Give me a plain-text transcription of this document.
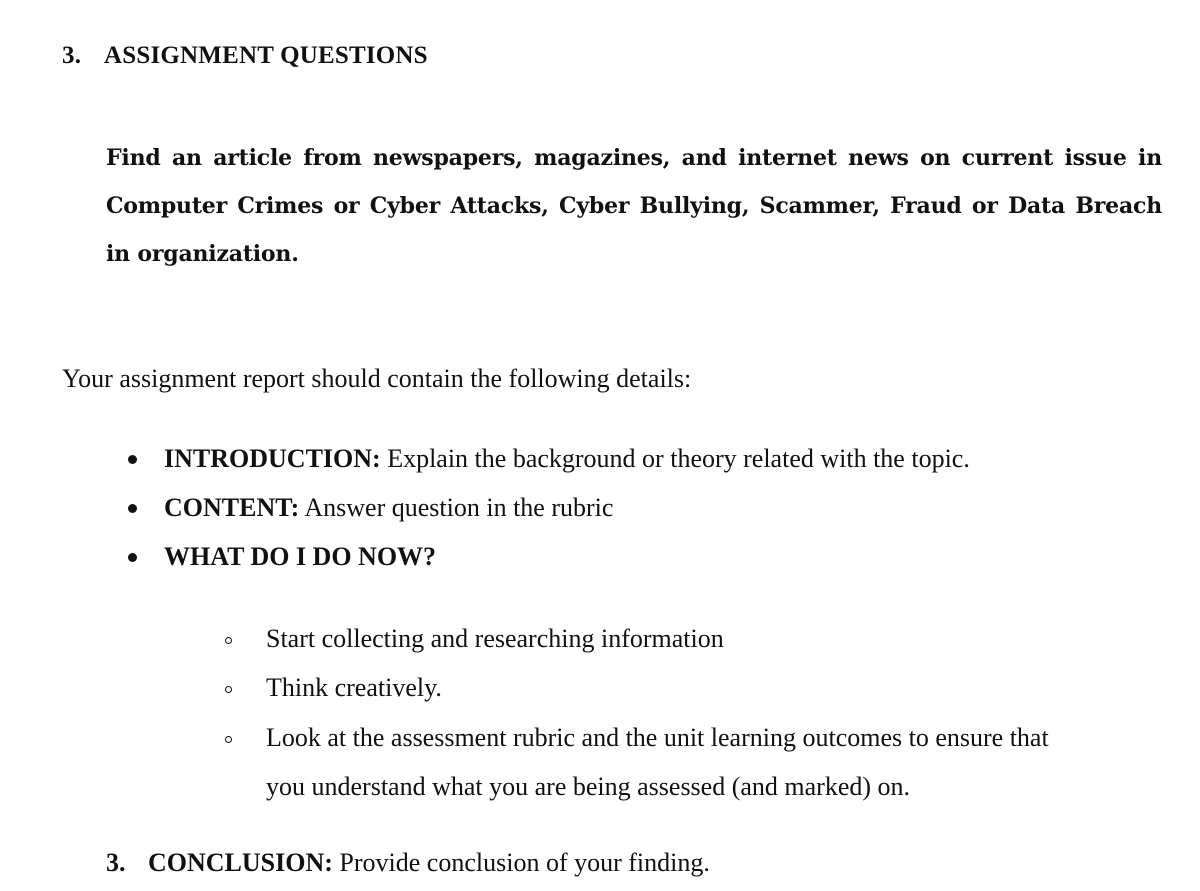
3. ASSIGNMENT QUESTIONS
Find an article from newspapers, magazines, and internet news on current issue in
Computer Crimes or Cyber Attacks, Cyber Bullying, Scammer, Fraud or Data Breach
in organization.
Your assignment report should contain the following details:
INTRODUCTION: Explain the background or theory related with the topic.
CONTENT: Answer question in the rubric
WHAT DO I DO NOW?
Start collecting and researching information
Think creatively.
Look at the assessment rubric and the unit learning outcomes to ensure that
you understand what you are being assessed (and marked) on.
3. CONCLUSION: Provide conclusion of your finding.
